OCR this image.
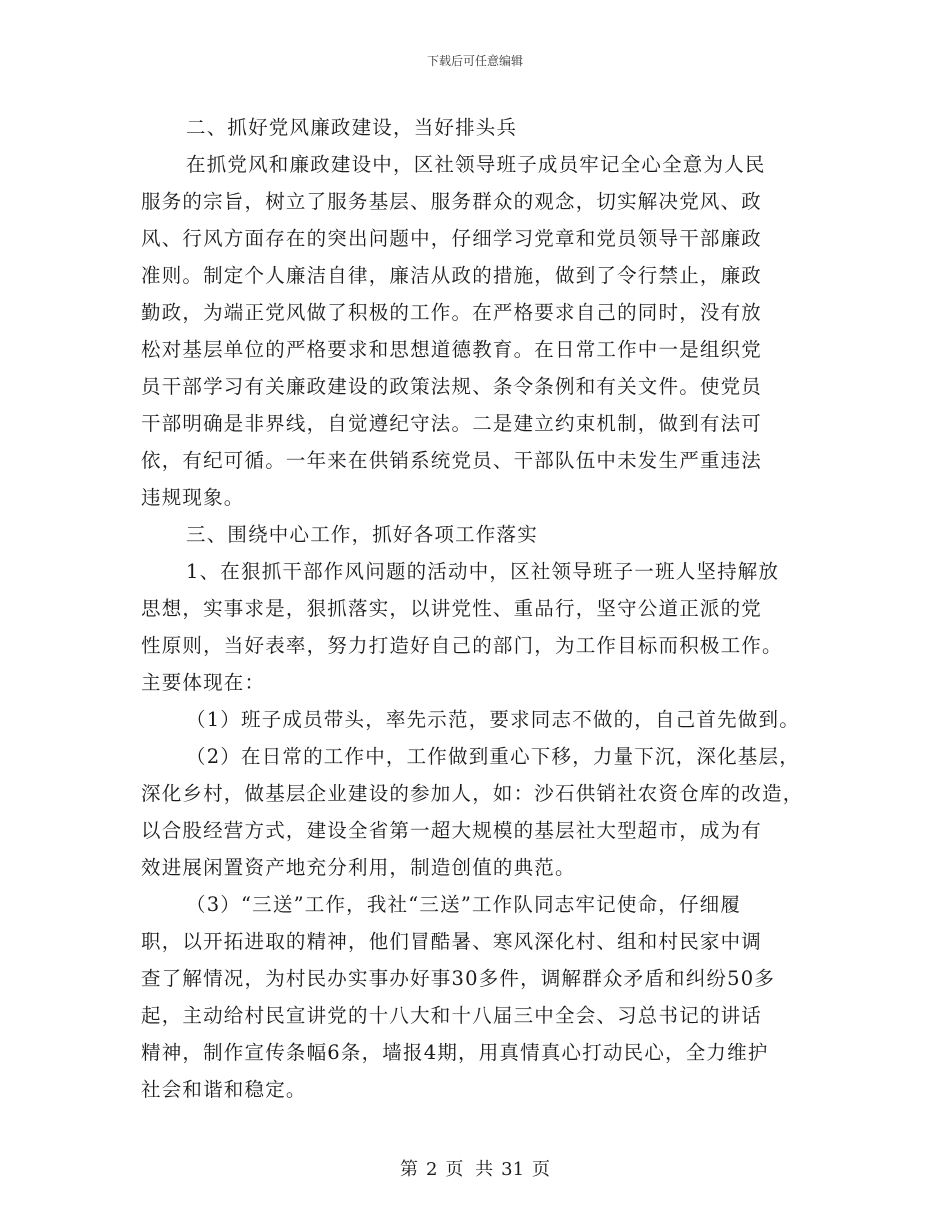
下载后可任意编辑
二、抓好党风廉政建设，当好排头兵
在抓党风和廉政建设中，区社领导班子成员牢记全心全意为人民
服务的宗旨，树立了服务基层、服务群众的观念，切实解决党风、政
风、行风方面存在的突出问题中，仔细学习党章和党员领导干部廉政
准则。制定个人廉洁自律，廉洁从政的措施，做到了令行禁止，廉政
勤政，为端正党风做了积极的工作。在严格要求自己的同时，没有放
松对基层单位的严格要求和思想道德教育。在日常工作中一是组织党
员干部学习有关廉政建设的政策法规、条令条例和有关文件。使党员
干部明确是非界线，自觉遵纪守法。二是建立约束机制，做到有法可
依，有纪可循。一年来在供销系统党员、干部队伍中未发生严重违法
违规现象。
三、围绕中心工作，抓好各项工作落实
1、在狠抓干部作风问题的活动中，区社领导班子一班人坚持解放
思想，实事求是，狠抓落实，以讲党性、重品行，坚守公道正派的党
性原则，当好表率，努力打造好自己的部门，为工作目标而积极工作。
主要体现在：
（1）班子成员带头，率先示范，要求同志不做的，自己首先做到。
（2）在日常的工作中，工作做到重心下移，力量下沉，深化基层，
深化乡村，做基层企业建设的参加人，如：沙石供销社农资仓库的改造，
以合股经营方式，建设全省第一超大规模的基层社大型超市，成为有
效进展闲置资产地充分利用，制造创值的典范。
（3）“三送”工作，我社“三送”工作队同志牢记使命，仔细履
职，以开拓进取的精神，他们冒酷暑、寒风深化村、组和村民家中调
查了解情况，为村民办实事办好事30多件，调解群众矛盾和纠纷50多
起，主动给村民宣讲党的十八大和十八届三中全会、习总书记的讲话
精神，制作宣传条幅6条，墙报4期，用真情真心打动民心，全力维护
社会和谐和稳定。
第 2 页 共 31 页
